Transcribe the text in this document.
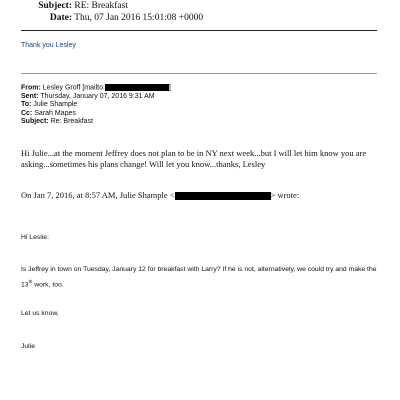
Subject: RE: Breakfast
Date: Thu, 07 Jan 2016 15:01:08 +0000
Thank you Lesley
From: Lesley Groff [mailto:	]
Sent: Thursday, January 07, 2016 9:31 AM
To: Julie Shample
Cc: Sarah Mapes
Subject: Re: Breakfast
Hi Julie...at the moment Jeffrey does not plan to be in NY next week...but I will let him know you are
asking...sometimes his plans change! Will let you know...thanks, Lesley
On Jan 7, 2016, at 8:57 AM, Julie Shample <	> wrote:
Hi Leslie:
Is Jeffrey in town on Tuesday, January 12 for breakfast with Larry? If he is not, alternatively, we could try and make the
13th work, too.
Let us know,
Julie
